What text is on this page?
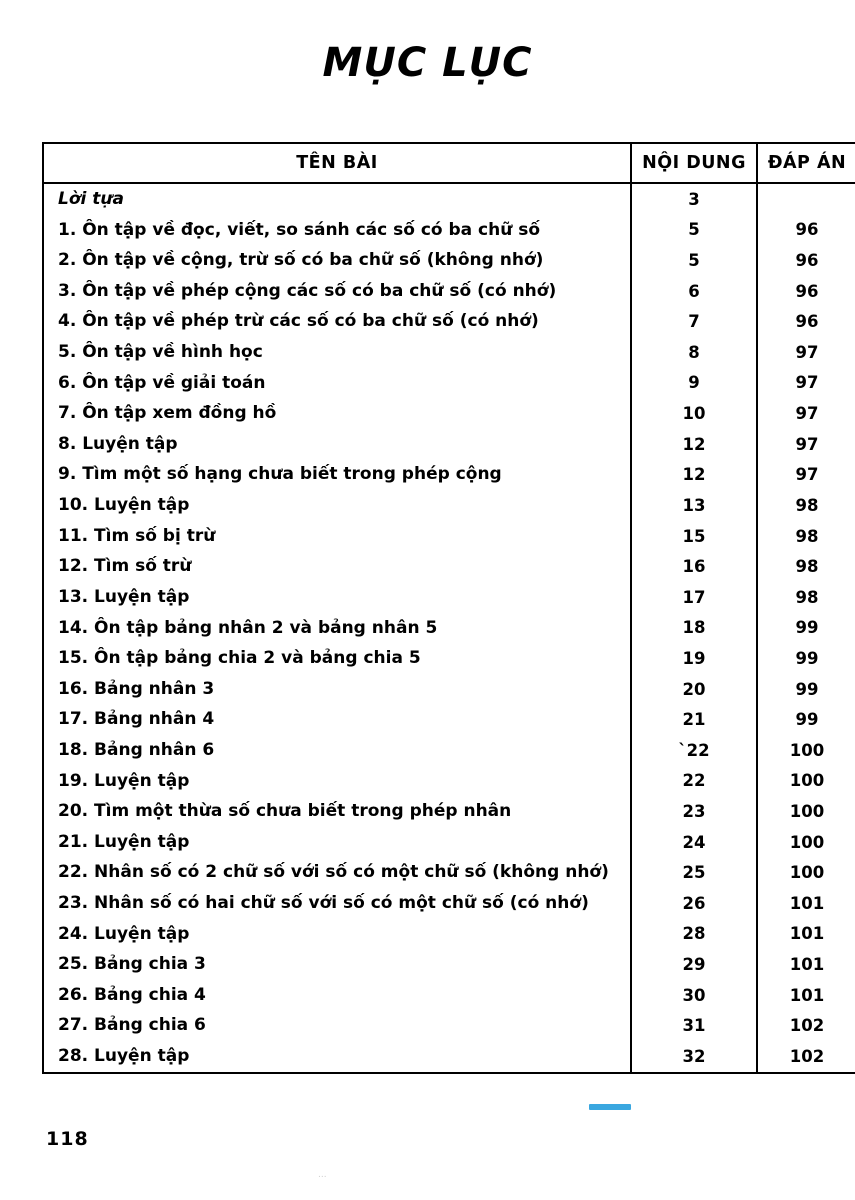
MỤC LỤC
TÊN BÀI	NỘI DUNG	ĐÁP ÁN
Lời tựa	3	
1. Ôn tập về đọc, viết, so sánh các số có ba chữ số	5	96
2. Ôn tập về cộng, trừ số có ba chữ số (không nhớ)	5	96
3. Ôn tập về phép cộng các số có ba chữ số (có nhớ)	6	96
4. Ôn tập về phép trừ các số có ba chữ số (có nhớ)	7	96
5. Ôn tập về hình học	8	97
6. Ôn tập về giải toán	9	97
7. Ôn tập xem đồng hồ	10	97
8. Luyện tập	12	97
9. Tìm một số hạng chưa biết trong phép cộng	12	97
10. Luyện tập	13	98
11. Tìm số bị trừ	15	98
12. Tìm số trừ	16	98
13. Luyện tập	17	98
14. Ôn tập bảng nhân 2 và bảng nhân 5	18	99
15. Ôn tập bảng chia 2 và bảng chia 5	19	99
16. Bảng nhân 3	20	99
17. Bảng nhân 4	21	99
18. Bảng nhân 6	`22	100
19. Luyện tập	22	100
20. Tìm một thừa số chưa biết trong phép nhân	23	100
21. Luyện tập	24	100
22. Nhân số có 2 chữ số với số có một chữ số (không nhớ)	25	100
23. Nhân số có hai chữ số với số có một chữ số (có nhớ)	26	101
24. Luyện tập	28	101
25. Bảng chia 3	29	101
26. Bảng chia 4	30	101
27. Bảng chia 6	31	102
28. Luyện tập	32	102
118
...
